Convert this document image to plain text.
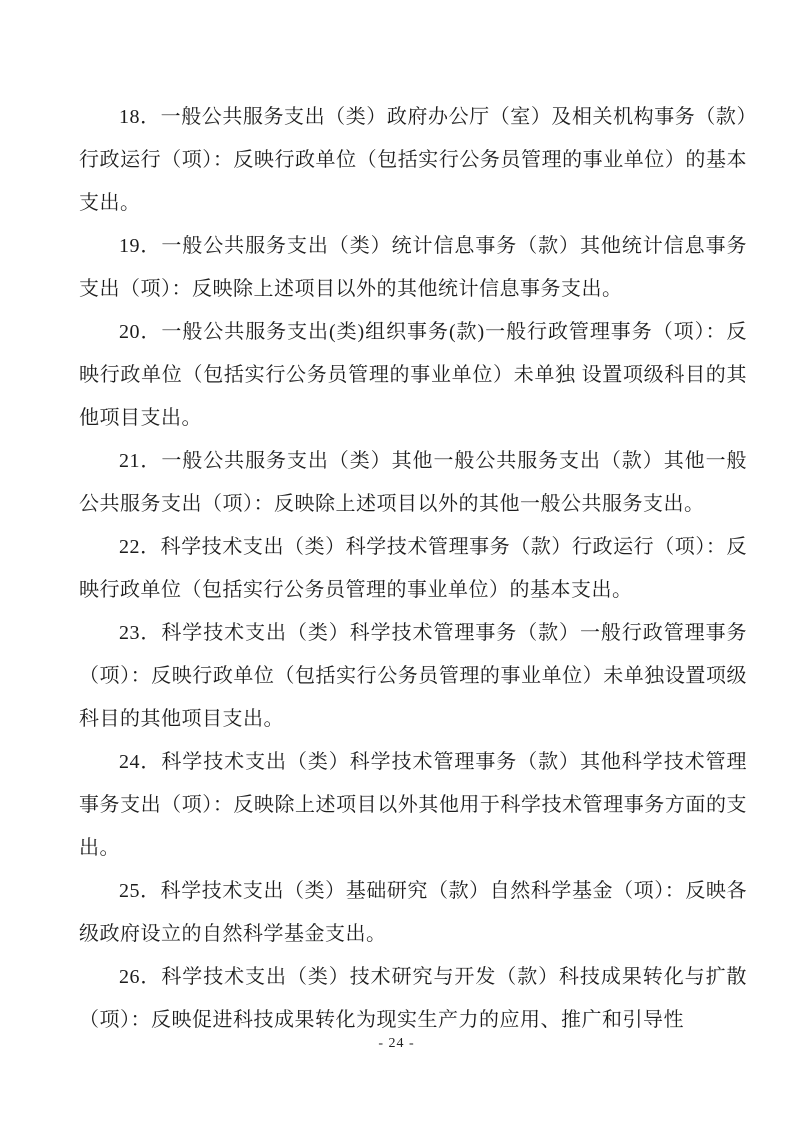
18．一般公共服务支出（类）政府办公厅（室）及相关机构事务（款）行政运行（项）：反映行政单位（包括实行公务员管理的事业单位）的基本 支出。

19．一般公共服务支出（类）统计信息事务（款）其他统计信息事务支出（项）：反映除上述项目以外的其他统计信息事务支出。

20．一般公共服务支出(类)组织事务(款)一般行政管理事务（项）：反映行政单位（包括实行公务员管理的事业单位）未单独 设置项级科目的其他项目支出。

21．一般公共服务支出（类）其他一般公共服务支出（款）其他一般公共服务支出（项）：反映除上述项目以外的其他一般公共服务支出。

22．科学技术支出（类）科学技术管理事务（款）行政运行（项）：反映行政单位（包括实行公务员管理的事业单位）的基本支出。

23．科学技术支出（类）科学技术管理事务（款）一般行政管理事务（项）：反映行政单位（包括实行公务员管理的事业单位）未单独设置项级科目的其他项目支出。

24．科学技术支出（类）科学技术管理事务（款）其他科学技术管理事务支出（项）：反映除上述项目以外其他用于科学技术管理事务方面的支出。

25．科学技术支出（类）基础研究（款）自然科学基金（项）：反映各级政府设立的自然科学基金支出。

26．科学技术支出（类）技术研究与开发（款）科技成果转化与扩散（项）：反映促进科技成果转化为现实生产力的应用、推广和引导性

- 24 -
